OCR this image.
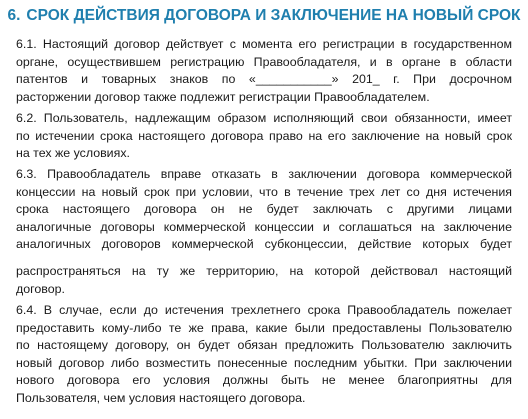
6. СРОК ДЕЙСТВИЯ ДОГОВОРА И ЗАКЛЮЧЕНИЕ НА НОВЫЙ СРОК

6.1. Настоящий договор действует с момента его регистрации в государственном
органе, осуществившем регистрацию Правообладателя, и в органе в области
патентов и товарных знаков по «___________» 201_ г. При досрочном
расторжении договор также подлежит регистрации Правообладателем.

6.2. Пользователь, надлежащим образом исполняющий свои обязанности, имеет
по истечении срока настоящего договора право на его заключение на новый срок
на тех же условиях.

6.3. Правообладатель вправе отказать в заключении договора коммерческой
концессии на новый срок при условии, что в течение трех лет со дня истечения
срока настоящего договора он не будет заключать с другими лицами
аналогичные договоры коммерческой концессии и соглашаться на заключение
аналогичных договоров коммерческой субконцессии, действие которых будет

распространяться на ту же территорию, на которой действовал настоящий
договор.

6.4. В случае, если до истечения трехлетнего срока Правообладатель пожелает
предоставить кому-либо те же права, какие были предоставлены Пользователю
по настоящему договору, он будет обязан предложить Пользователю заключить
новый договор либо возместить понесенные последним убытки. При заключении
нового договора его условия должны быть не менее благоприятны для
Пользователя, чем условия настоящего договора.
